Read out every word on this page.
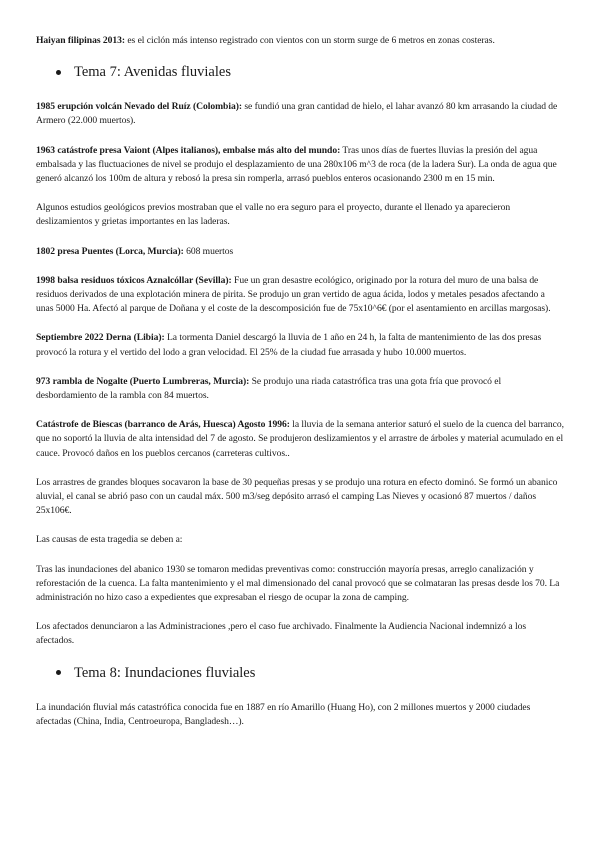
Haiyan filipinas 2013: es el ciclón más intenso registrado con vientos con un storm surge de 6 metros en zonas costeras.

Tema 7: Avenidas fluviales

1985 erupción volcán Nevado del Ruíz (Colombia): se fundió una gran cantidad de hielo, el lahar avanzó 80 km arrasando la ciudad de Armero (22.000 muertos).

1963 catástrofe presa Vaiont (Alpes italianos), embalse más alto del mundo: Tras unos días de fuertes lluvias la presión del agua embalsada y las fluctuaciones de nivel se produjo el desplazamiento de una 280x106 m^3 de roca (de la ladera Sur). La onda de agua que generó alcanzó los 100m de altura y rebosó la presa sin romperla, arrasó pueblos enteros ocasionando 2300 m en 15 min.

Algunos estudios geológicos previos mostraban que el valle no era seguro para el proyecto, durante el llenado ya aparecieron deslizamientos y grietas importantes en las laderas.

1802 presa Puentes (Lorca, Murcia): 608 muertos

1998 balsa residuos tóxicos Aznalcóllar (Sevilla): Fue un gran desastre ecológico, originado por la rotura del muro de una balsa de residuos derivados de una explotación minera de pirita. Se produjo un gran vertido de agua ácida, lodos y metales pesados afectando a unas 5000 Ha. Afectó al parque de Doñana y el coste de la descomposición fue de 75x10^6€ (por el asentamiento en arcillas margosas).

Septiembre 2022 Derna (Libia): La tormenta Daniel descargó la lluvia de 1 año en 24 h, la falta de mantenimiento de las dos presas provocó la rotura y el vertido del lodo a gran velocidad. El 25% de la ciudad fue arrasada y hubo 10.000 muertos.

973 rambla de Nogalte (Puerto Lumbreras, Murcia): Se produjo una riada catastrófica tras una gota fría que provocó el desbordamiento de la rambla con 84 muertos.

Catástrofe de Biescas (barranco de Arás, Huesca) Agosto 1996: la lluvia de la semana anterior saturó el suelo de la cuenca del barranco, que no soportó la lluvia de alta intensidad del 7 de agosto. Se produjeron deslizamientos y el arrastre de árboles y material acumulado en el cauce. Provocó daños en los pueblos cercanos (carreteras cultivos..

Los arrastres de grandes bloques socavaron la base de 30 pequeñas presas y se produjo una rotura en efecto dominó. Se formó un abanico aluvial, el canal se abrió paso con un caudal máx. 500 m3/seg depósito arrasó el camping Las Nieves y ocasionó 87 muertos / daños 25x106€.

Las causas de esta tragedia se deben a:

Tras las inundaciones del abanico 1930 se tomaron medidas preventivas como: construcción mayoría presas, arreglo canalización y reforestación de la cuenca. La falta mantenimiento y el mal dimensionado del canal provocó que se colmataran las presas desde los 70. La administración no hizo caso a expedientes que expresaban el riesgo de ocupar la zona de camping.

Los afectados denunciaron a las Administraciones ,pero el caso fue archivado. Finalmente la Audiencia Nacional indemnizó a los afectados.

Tema 8: Inundaciones fluviales

La inundación fluvial más catastrófica conocida fue en 1887 en río Amarillo (Huang Ho), con 2 millones muertos y 2000 ciudades afectadas (China, India, Centroeuropa, Bangladesh…).
